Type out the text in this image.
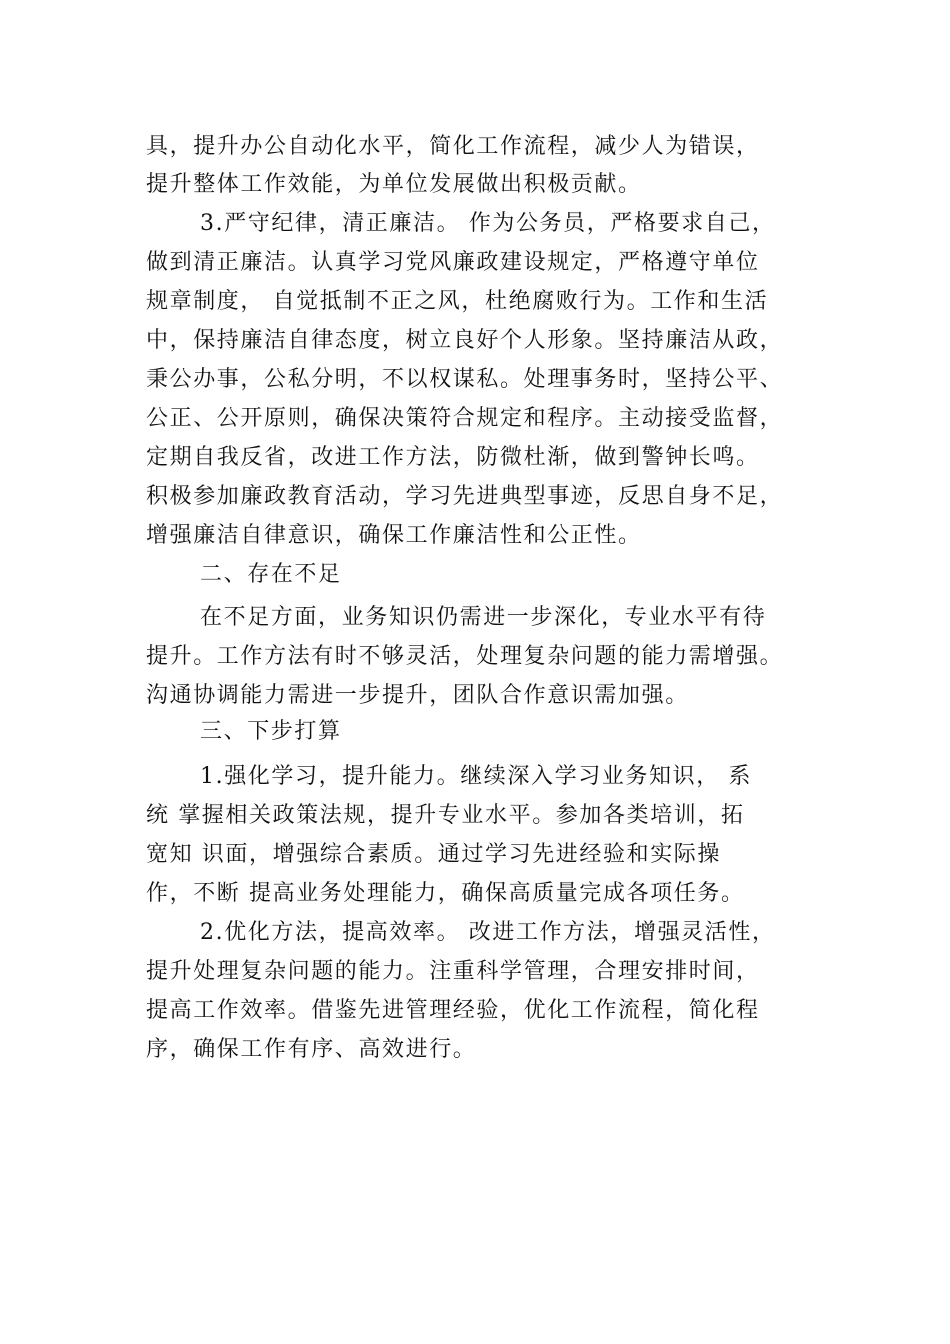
具，提升办公自动化水平，简化工作流程，减少人为错误，
提升整体工作效能，为单位发展做出积极贡献。
3.严守纪律，清正廉洁。 作为公务员，严格要求自己，
做到清正廉洁。认真学习党风廉政建设规定，严格遵守单位
规章制度， 自觉抵制不正之风，杜绝腐败行为。工作和生活
中，保持廉洁自律态度，树立良好个人形象。坚持廉洁从政，
秉公办事，公私分明，不以权谋私。处理事务时，坚持公平、
公正、公开原则，确保决策符合规定和程序。主动接受监督，
定期自我反省，改进工作方法，防微杜渐，做到警钟长鸣。
积极参加廉政教育活动，学习先进典型事迹，反思自身不足，
增强廉洁自律意识，确保工作廉洁性和公正性。
二、存在不足
在不足方面，业务知识仍需进一步深化，专业水平有待
提升。工作方法有时不够灵活，处理复杂问题的能力需增强。
沟通协调能力需进一步提升，团队合作意识需加强。
三、下步打算
1.强化学习，提升能力。继续深入学习业务知识， 系
统 掌握相关政策法规，提升专业水平。参加各类培训，拓
宽知 识面，增强综合素质。通过学习先进经验和实际操
作，不断 提高业务处理能力，确保高质量完成各项任务。
2.优化方法，提高效率。 改进工作方法，增强灵活性，
提升处理复杂问题的能力。注重科学管理，合理安排时间，
提高工作效率。借鉴先进管理经验，优化工作流程，简化程
序，确保工作有序、高效进行。
